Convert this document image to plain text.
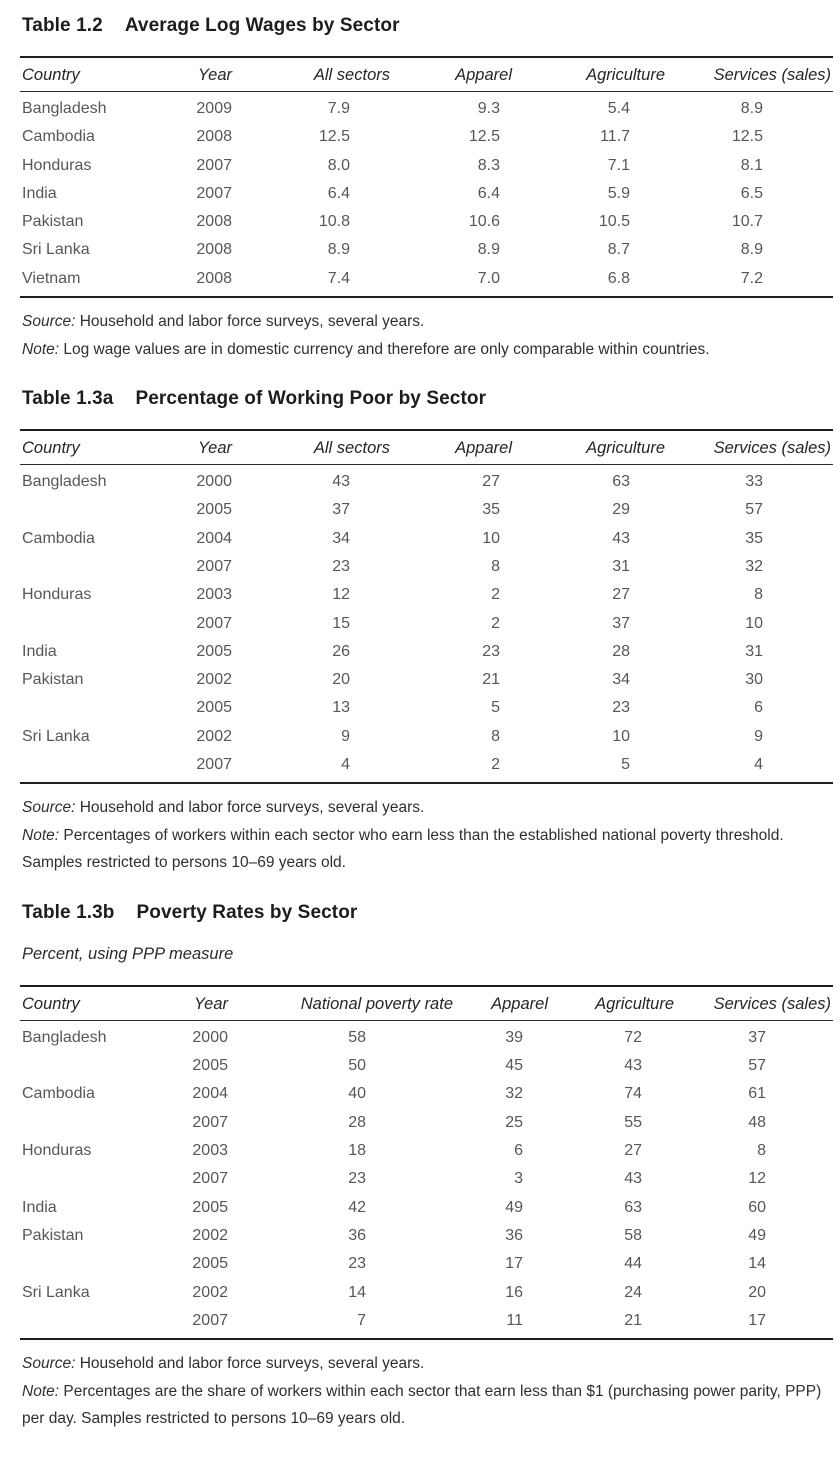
Table 1.2 Average Log Wages by Sector
Country	Year	All sectors	Apparel	Agriculture	Services (sales)
Bangladesh	2009	7.9	9.3	5.4	8.9
Cambodia	2008	12.5	12.5	11.7	12.5
Honduras	2007	8.0	8.3	7.1	8.1
India	2007	6.4	6.4	5.9	6.5
Pakistan	2008	10.8	10.6	10.5	10.7
Sri Lanka	2008	8.9	8.9	8.7	8.9
Vietnam	2008	7.4	7.0	6.8	7.2

Source: Household and labor force surveys, several years.

Note: Log wage values are in domestic currency and therefore are only comparable within countries.

Table 1.3a Percentage of Working Poor by Sector
Country	Year	All sectors	Apparel	Agriculture	Services (sales)
Bangladesh	2000	43	27	63	33
	2005	37	35	29	57
Cambodia	2004	34	10	43	35
	2007	23	8	31	32
Honduras	2003	12	2	27	8
	2007	15	2	37	10
India	2005	26	23	28	31
Pakistan	2002	20	21	34	30
	2005	13	5	23	6
Sri Lanka	2002	9	8	10	9
	2007	4	2	5	4

Source: Household and labor force surveys, several years.

Note: Percentages of workers within each sector who earn less than the established national poverty threshold. Samples restricted to persons 10–69 years old.

Table 1.3b Poverty Rates by Sector

Percent, using PPP measure

Country	Year	National poverty rate	Apparel	Agriculture	Services (sales)
Bangladesh	2000	58	39	72	37
	2005	50	45	43	57
Cambodia	2004	40	32	74	61
	2007	28	25	55	48
Honduras	2003	18	6	27	8
	2007	23	3	43	12
India	2005	42	49	63	60
Pakistan	2002	36	36	58	49
	2005	23	17	44	14
Sri Lanka	2002	14	16	24	20
	2007	7	11	21	17

Source: Household and labor force surveys, several years.

Note: Percentages are the share of workers within each sector that earn less than $1 (purchasing power parity, PPP) per day. Samples restricted to persons 10–69 years old.
